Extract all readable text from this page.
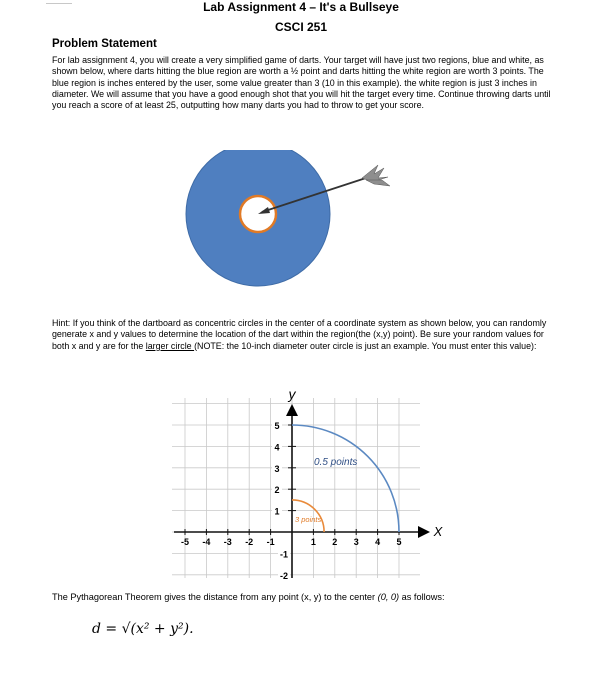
Lab Assignment 4 – It's a Bullseye
CSCI 251
Problem Statement
For lab assignment 4, you will create a very simplified game of darts. Your target will have just two regions, blue and white, as shown below, where darts hitting the blue region are worth a ½ point and darts hitting the white region are worth 3 points. The blue region is inches entered by the user, some value greater than 3 (10 in this example). the white region is just 3 inches in diameter. We will assume that you have a good enough shot that you will hit the target every time. Continue throwing darts until you reach a score of at least 25, outputting how many darts you had to throw to get your score.
Hint: If you think of the dartboard as concentric circles in the center of a coordinate system as shown below, you can randomly generate x and y values to determine the location of the dart within the region(the (x,y) point). Be sure your random values for both x and y are for the larger circle (NOTE: the 10-inch diameter outer circle is just an example. You must enter this value):
5
4
3
2
1
-1
-2
-5 -4 -3 -2 -1	1 2 3 4 5
y
X
0.5 points
3 points
The Pythagorean Theorem gives the distance from any point (x, y) to the center (0, 0) as follows:
d = √(x² + y²).
